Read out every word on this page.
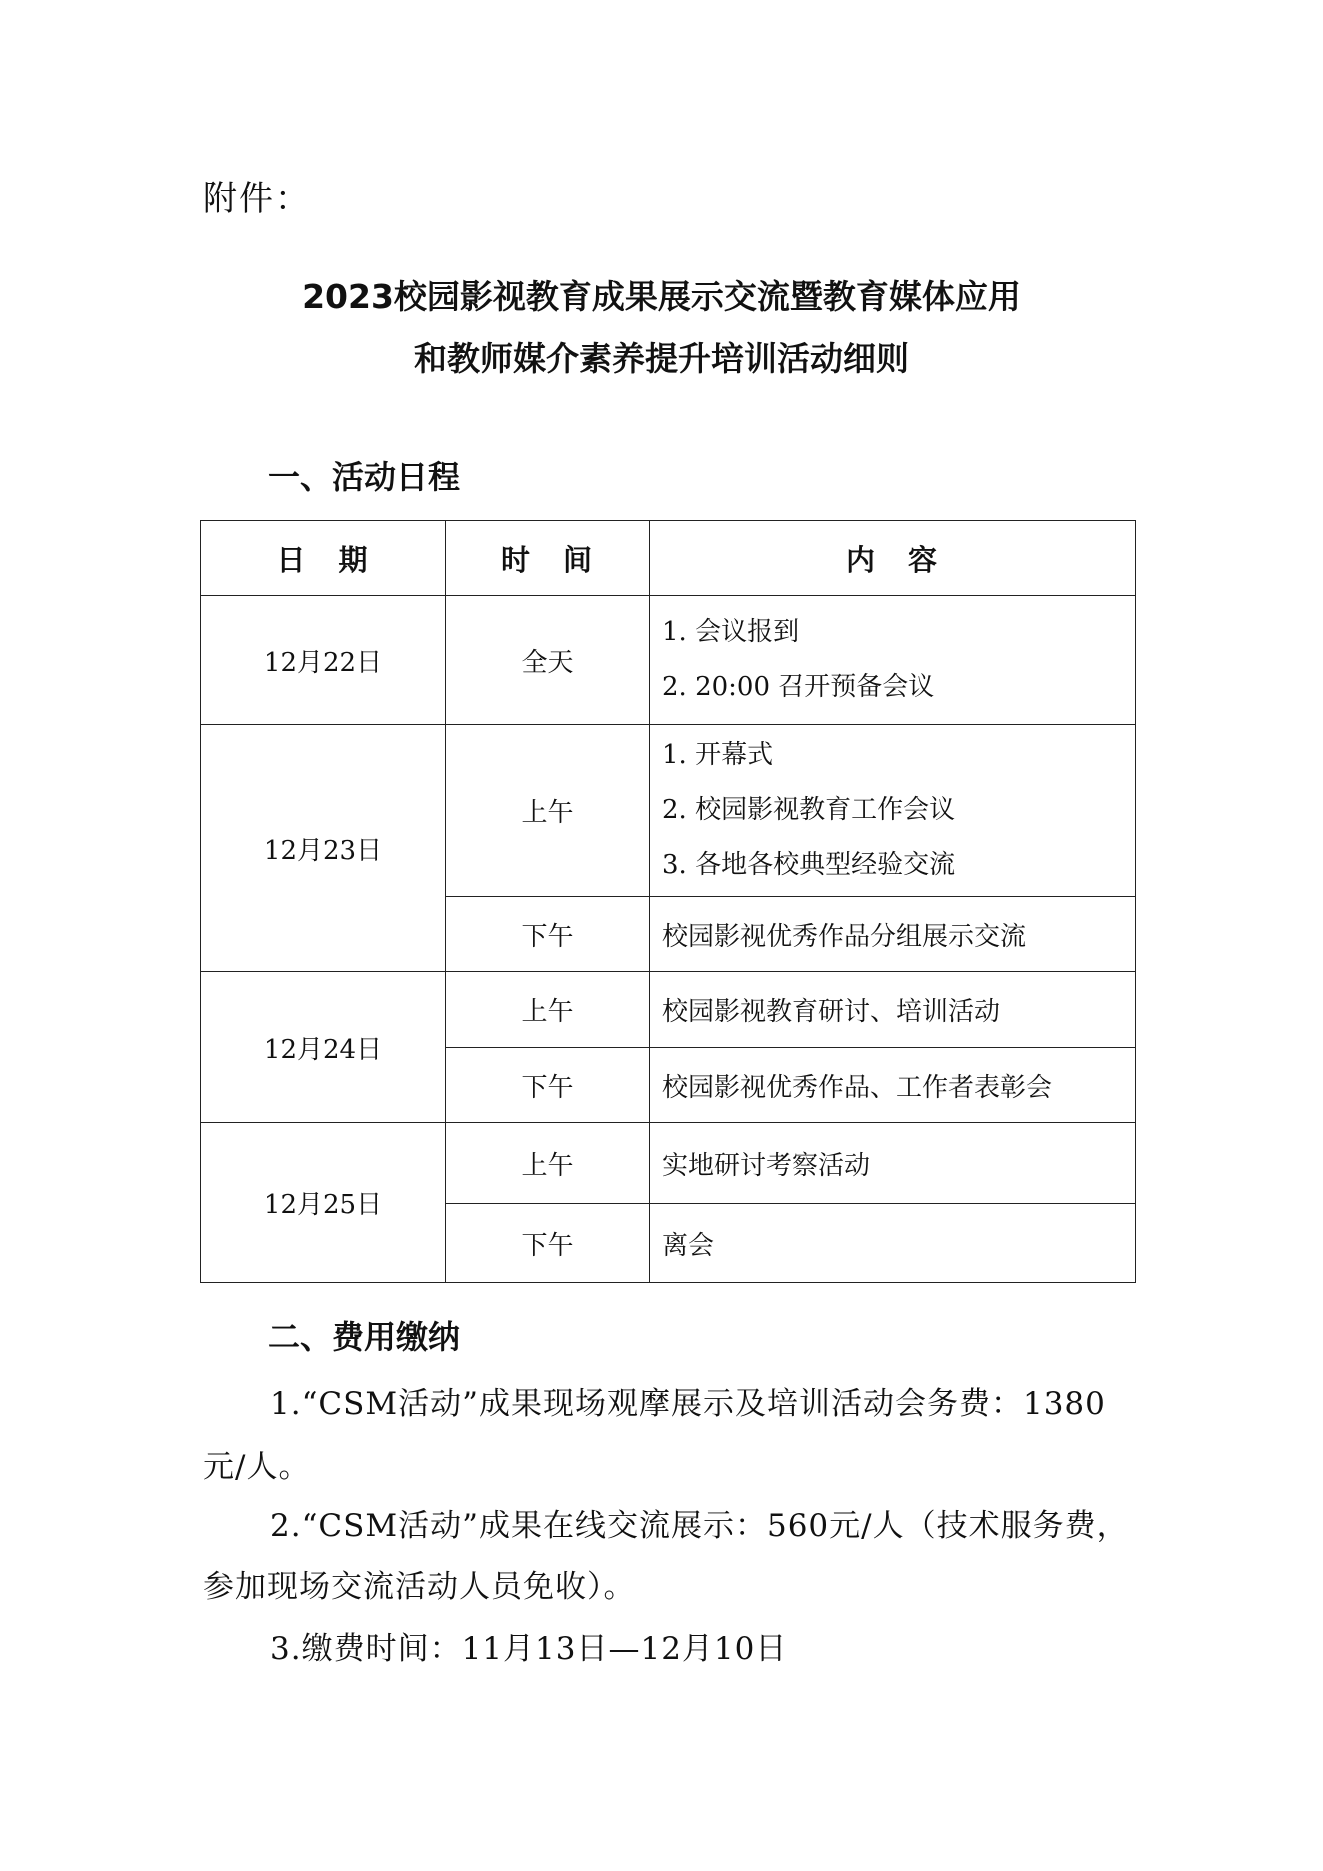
附件：
2023校园影视教育成果展示交流暨教育媒体应用
和教师媒介素养提升培训活动细则
一、活动日程
日　期	时　间	内　容
12月22日	全天	1. 会议报到
2. 20:00 召开预备会议

12月23日	上午	1. 开幕式
2. 校园影视教育工作会议
3. 各地各校典型经验交流

	下午	校园影视优秀作品分组展示交流
12月24日	上午	校园影视教育研讨、培训活动
	下午	校园影视优秀作品、工作者表彰会
12月25日	上午	实地研讨考察活动
	下午	离会
二、费用缴纳
1.“CSM活动”成果现场观摩展示及培训活动会务费：1380
元/人。
2.“CSM活动”成果在线交流展示：560元/人（技术服务费，
参加现场交流活动人员免收）。
3.缴费时间：11月13日—12月10日
